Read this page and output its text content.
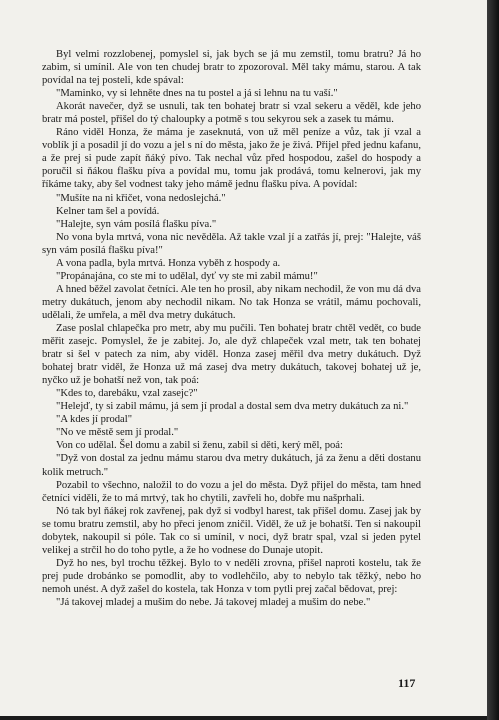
Byl velmi rozzlobenej, pomyslel si, jak bych se já mu zemstil, tomu bratru? Já ho zabim, si umínil. Ale von ten chudej bratr to zpozoroval. Měl taky mámu, starou. A tak povídal na tej posteli, kde spával:

"Maminko, vy si lehněte dnes na tu postel a já si lehnu na tu vaší."

Akorát navečer, dyž se usnuli, tak ten bohatej bratr si vzal sekeru a věděl, kde jeho bratr má postel, přišel do tý chaloupky a potmě s tou sekyrou sek a zasek tu mámu.

Ráno viděl Honza, že máma je zaseknutá, von už měl peníze a vůz, tak jí vzal a voblík jí a posadil jí do vozu a jel s ní do města, jako že je živá. Přijel před jednu kafanu, a že prej si pude zapít ňáký pívo. Tak nechal vůz před hospodou, zašel do hospody a poručil si ňákou flašku píva a povídal mu, tomu jak prodává, tomu kelnerovi, jak my říkáme taky, aby šel vodnest taky jeho mámě jednu flašku píva. A povídal:

"Mušíte na ni křičet, vona nedoslejchá."

Kelner tam šel a povídá.

"Halejte, syn vám posílá flašku píva."

No vona byla mrtvá, vona nic nevěděla. Až takle vzal jí a zatřás jí, prej: "Halejte, váš syn vám posílá flašku píva!"

A vona padla, byla mrtvá. Honza vyběh z hospody a.

"Propánajána, co ste mi to udělal, dyť vy ste mi zabil mámu!"

A hned běžel zavolat četníci. Ale ten ho prosil, aby nikam nechodil, že von mu dá dva metry dukátuch, jenom aby nechodil nikam. No tak Honza se vrátil, mámu pochovali, udělali, že umřela, a měl dva metry dukátuch.

Zase poslal chlapečka pro metr, aby mu pučili. Ten bohatej bratr chtěl vedět, co bude měřit zasejc. Pomyslel, že je zabitej. Jo, ale dyž chlapeček vzal metr, tak ten bohatej bratr si šel v patech za nim, aby viděl. Honza zasej měřil dva metry dukátuch. Dyž bohatej bratr viděl, že Honza už má zasej dva metry dukátuch, takovej bohatej už je, nyčko už je bohatší než von, tak poá:

"Kdes to, darebáku, vzal zasejc?"

"Helejď, ty si zabil mámu, já sem jí prodal a dostal sem dva metry dukátuch za ni."

"A kdes jí prodal"

"No ve městě sem jí prodal."

Von co udělal. Šel domu a zabil si ženu, zabil si děti, kerý měl, poá:

"Dyž von dostal za jednu mámu starou dva metry dukátuch, já za ženu a děti dostanu kolik metruch."

Pozabil to všechno, naložil to do vozu a jel do města. Dyž přijel do města, tam hned četníci viděli, že to má mrtvý, tak ho chytili, zavřeli ho, dobře mu našprhali.

Nó tak byl ňákej rok zavřenej, pak dyž si vodbyl harest, tak přišel domu. Zasej jak by se tomu bratru zemstil, aby ho přeci jenom zničil. Viděl, že už je bohatší. Ten si nakoupil dobytek, nakoupil si póle. Tak co si umínil, v noci, dyž bratr spal, vzal si jeden pytel velikej a strčil ho do toho pytle, a že ho vodnese do Dunaje utopit.

Dyž ho nes, byl trochu těžkej. Bylo to v neděli zrovna, přišel naproti kostelu, tak že prej pude drobánko se pomodlit, aby to vodlehčilo, aby to nebylo tak těžký, nebo ho nemoh unést. A dyž zašel do kostela, tak Honza v tom pytli prej začal bědovat, prej:

"Já takovej mladej a mušim do nebe. Já takovej mladej a mušim do nebe."

117
